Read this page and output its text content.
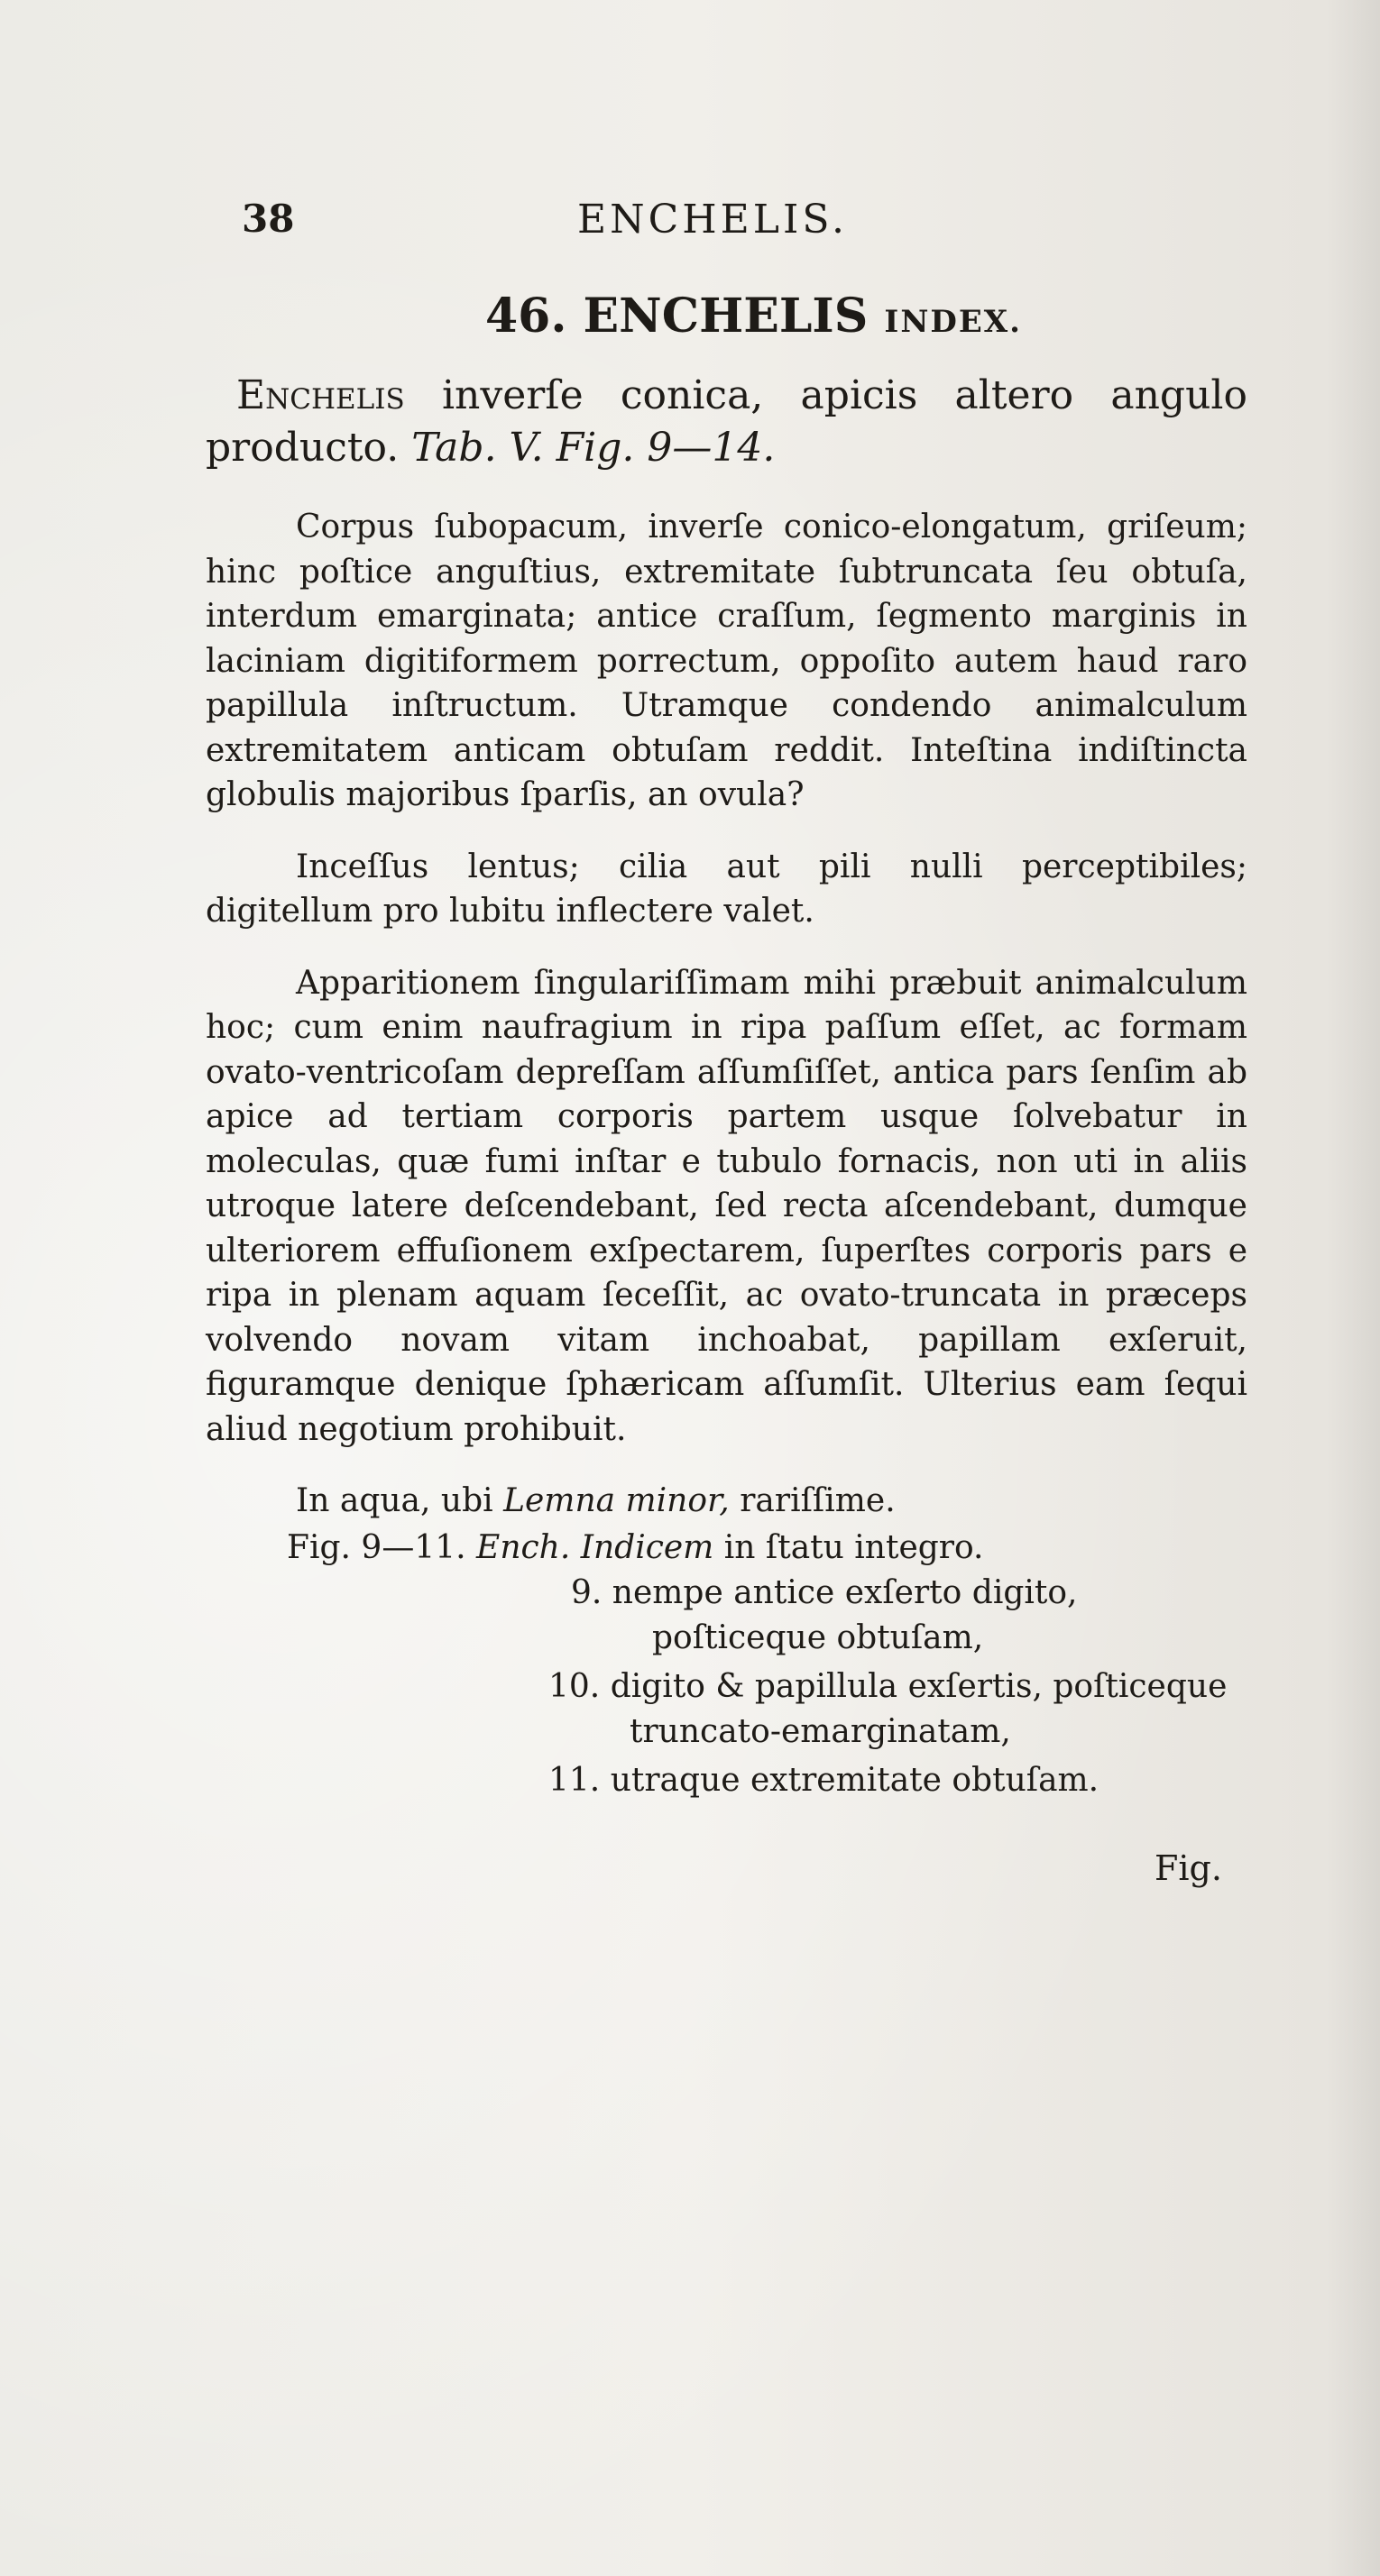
38	ENCHELIS.
46. ENCHELIS INDEX.

Enchelis inverſe conica, apicis altero angulo producto. Tab. V. Fig. 9—14.

Corpus ſubopacum, inverſe conico-elongatum, griſeum; hinc poſtice anguſtius, extremitate ſubtruncata ſeu obtuſa, interdum emarginata; antice craſſum, ſegmento marginis in laciniam digitiformem porrectum, oppoſito autem haud raro papillula inſtructum. Utramque condendo animalculum extremitatem anticam obtuſam reddit. Inteſtina indiſtincta globulis majoribus ſparſis, an ovula?

Inceſſus lentus; cilia aut pili nulli perceptibiles; digitellum pro lubitu inflectere valet.

Apparitionem ſingulariſſimam mihi præbuit animalculum hoc; cum enim naufragium in ripa paſſum eſſet, ac formam ovato-ventricoſam depreſſam aſſumſiſſet, antica pars ſenſim ab apice ad tertiam corporis partem usque ſolvebatur in moleculas, quæ fumi inſtar e tubulo fornacis, non uti in aliis utroque latere deſcendebant, ſed recta aſcendebant, dumque ulteriorem effuſionem exſpectarem, ſuperſtes corporis pars e ripa in plenam aquam ſeceſſit, ac ovato-truncata in præceps volvendo novam vitam inchoabat, papillam exſeruit, figuramque denique ſphæricam aſſumſit. Ulterius eam ſequi aliud negotium prohibuit.

In aqua, ubi Lemna minor, rariſſime.

Fig. 9—11. Ench. Indicem in ſtatu integro.

9. nempe antice exſerto digito, poſticeque obtuſam,

10. digito & papillula exſertis, poſticeque truncato-emarginatam,

11. utraque extremitate obtuſam.

Fig.
